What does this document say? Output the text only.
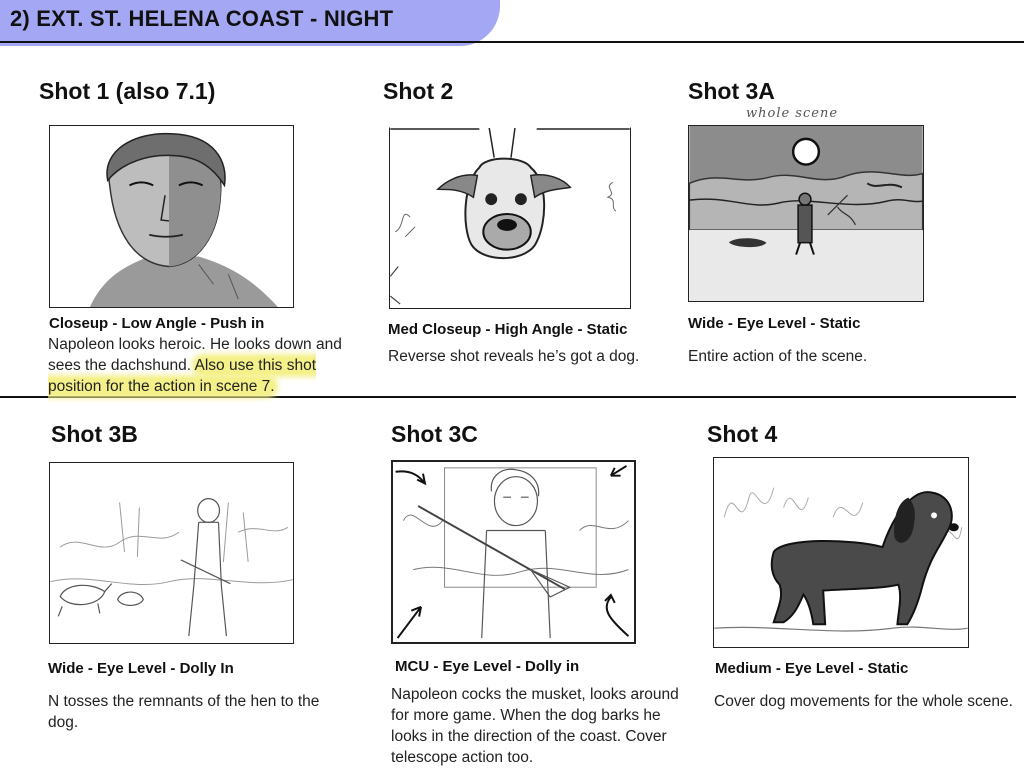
2) EXT. ST. HELENA COAST - NIGHT
Shot 1 (also 7.1)
Closeup - Low Angle - Push in
Napoleon looks heroic. He looks down and sees the dachshund. Also use this shot position for the action in scene 7.
Shot 2
Med Closeup - High Angle - Static
Reverse shot reveals he’s got a dog.
Shot 3A
whole scene
Wide - Eye Level - Static
Entire action of the scene.
Shot 3B
Wide - Eye Level - Dolly In
N tosses the remnants of the hen to the dog.
Shot 3C
MCU - Eye Level - Dolly in
Napoleon cocks the musket, looks around for more game. When the dog barks he looks in the direction of the coast. Cover telescope action too.
Shot 4
Medium - Eye Level - Static
Cover dog movements for the whole scene.
